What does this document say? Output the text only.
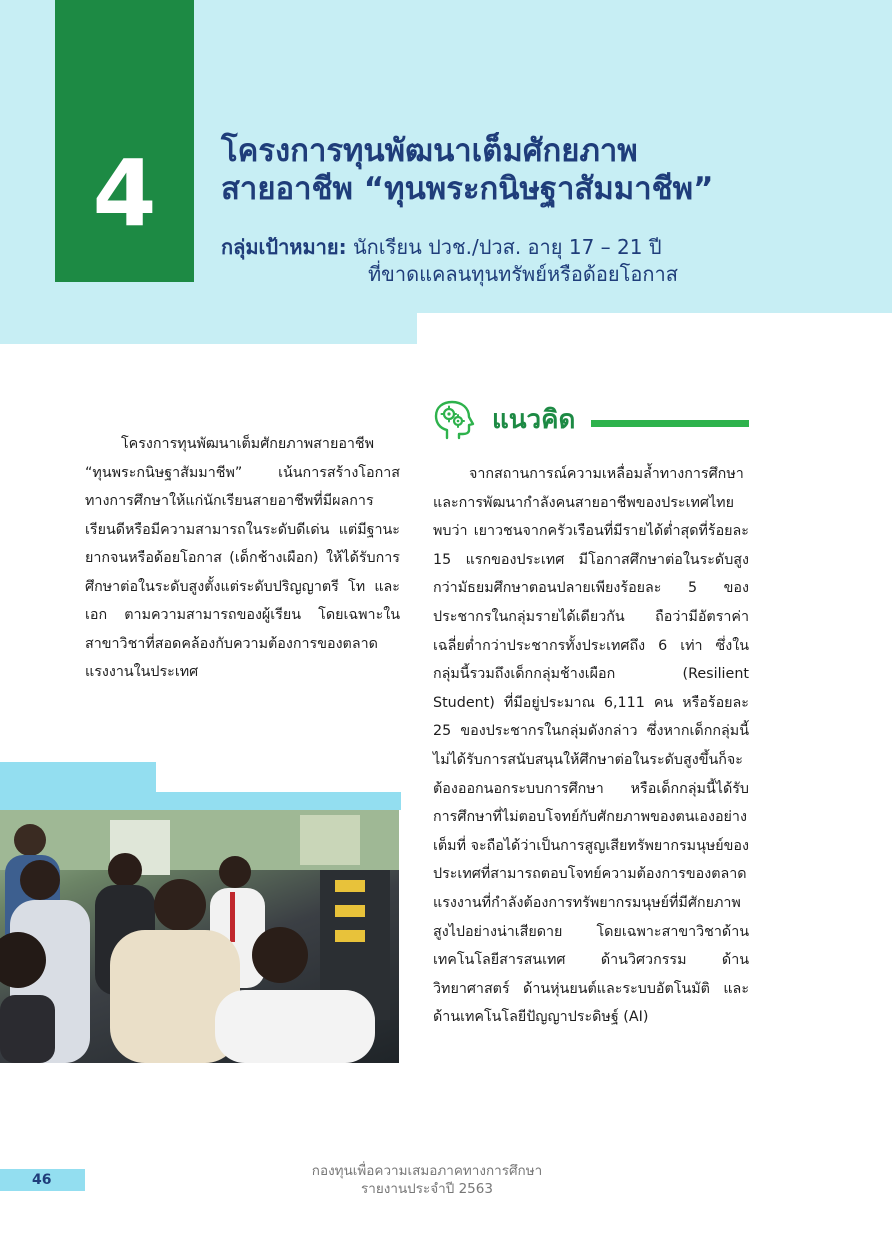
4	โครงการทุนพัฒนาเต็มศักยภาพ
สายอาชีพ “ทุนพระกนิษฐาสัมมาชีพ”
กลุ่มเป้าหมาย: นักเรียน ปวช./ปวส. อายุ 17 – 21 ปี
ที่ขาดแคลนทุนทรัพย์หรือด้อยโอกาส

โครงการทุนพัฒนาเต็มศักยภาพสายอาชีพ “ทุนพระกนิษฐาสัมมาชีพ” เน้นการสร้างโอกาสทางการศึกษาให้แก่นักเรียนสายอาชีพที่มีผลการเรียนดีหรือมีความสามารถในระดับดีเด่น แต่มีฐานะยากจนหรือด้อยโอกาส (เด็กช้างเผือก) ให้ได้รับการศึกษาต่อในระดับสูงตั้งแต่ระดับปริญญาตรี โท และเอก ตามความสามารถของผู้เรียน โดยเฉพาะในสาขาวิชาที่สอดคล้องกับความต้องการของตลาดแรงงานในประเทศ

แนวคิด

จากสถานการณ์ความเหลื่อมล้ำทางการศึกษาและการพัฒนากำลังคนสายอาชีพของประเทศไทย พบว่า เยาวชนจากครัวเรือนที่มีรายได้ต่ำสุดที่ร้อยละ 15 แรกของประเทศ มีโอกาสศึกษาต่อในระดับสูงกว่ามัธยมศึกษาตอนปลายเพียงร้อยละ 5 ของประชากรในกลุ่มรายได้เดียวกัน ถือว่ามีอัตราค่าเฉลี่ยต่ำกว่าประชากรทั้งประเทศถึง 6 เท่า ซึ่งในกลุ่มนี้รวมถึงเด็กกลุ่มช้างเผือก (Resilient Student) ที่มีอยู่ประมาณ 6,111 คน หรือร้อยละ 25 ของประชากรในกลุ่มดังกล่าว ซึ่งหากเด็กกลุ่มนี้ไม่ได้รับการสนับสนุนให้ศึกษาต่อในระดับสูงขึ้นก็จะต้องออกนอกระบบการศึกษา หรือเด็กกลุ่มนี้ได้รับการศึกษาที่ไม่ตอบโจทย์กับศักยภาพของตนเองอย่างเต็มที่ จะถือได้ว่าเป็นการสูญเสียทรัพยากรมนุษย์ของประเทศที่สามารถตอบโจทย์ความต้องการของตลาดแรงงานที่กำลังต้องการทรัพยากรมนุษย์ที่มีศักยภาพสูงไปอย่างน่าเสียดาย โดยเฉพาะสาขาวิชาด้านเทคโนโลยีสารสนเทศ ด้านวิศวกรรม ด้านวิทยาศาสตร์ ด้านหุ่นยนต์และระบบอัตโนมัติ และด้านเทคโนโลยีปัญญาประดิษฐ์ (AI)

46
กองทุนเพื่อความเสมอภาคทางการศึกษา
รายงานประจำปี 2563
